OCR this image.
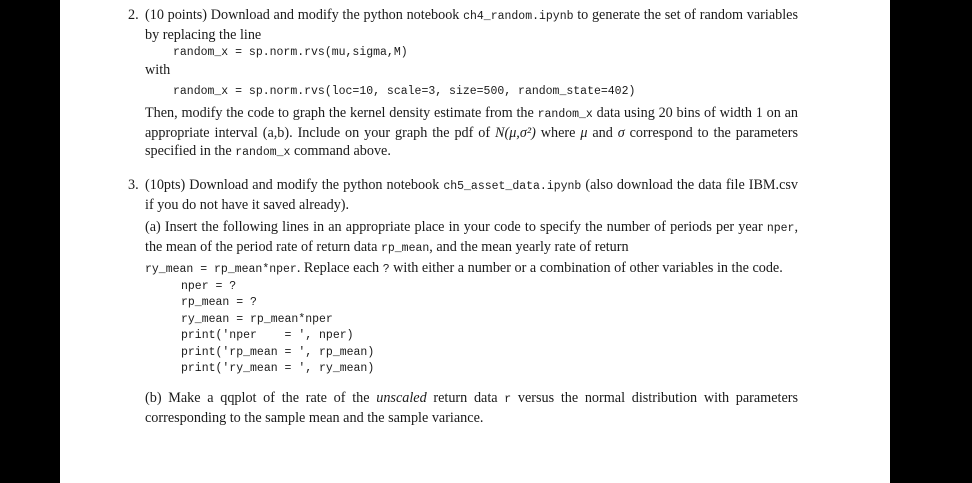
2. (10 points) Download and modify the python notebook ch4_random.ipynb to generate the set of random variables by replacing the line
random_x = sp.norm.rvs(mu,sigma,M)
with
random_x = sp.norm.rvs(loc=10, scale=3, size=500, random_state=402)
Then, modify the code to graph the kernel density estimate from the random_x data using 20 bins of width 1 on an appropriate interval (a,b). Include on your graph the pdf of N(μ,σ²) where μ and σ correspond to the parameters specified in the random_x command above.
3. (10pts) Download and modify the python notebook ch5_asset_data.ipynb (also download the data file IBM.csv if you do not have it saved already).
(a) Insert the following lines in an appropriate place in your code to specify the number of periods per year nper, the mean of the period rate of return data rp_mean, and the mean yearly rate of return
ry_mean = rp_mean*nper. Replace each ? with either a number or a combination of other variables in the code.
nper = ?
rp_mean = ?
ry_mean = rp_mean*nper
print('nper    = ', nper)
print('rp_mean = ', rp_mean)
print('ry_mean = ', ry_mean)
(b) Make a qqplot of the rate of the unscaled return data r versus the normal distribution with parameters corresponding to the sample mean and the sample variance.
